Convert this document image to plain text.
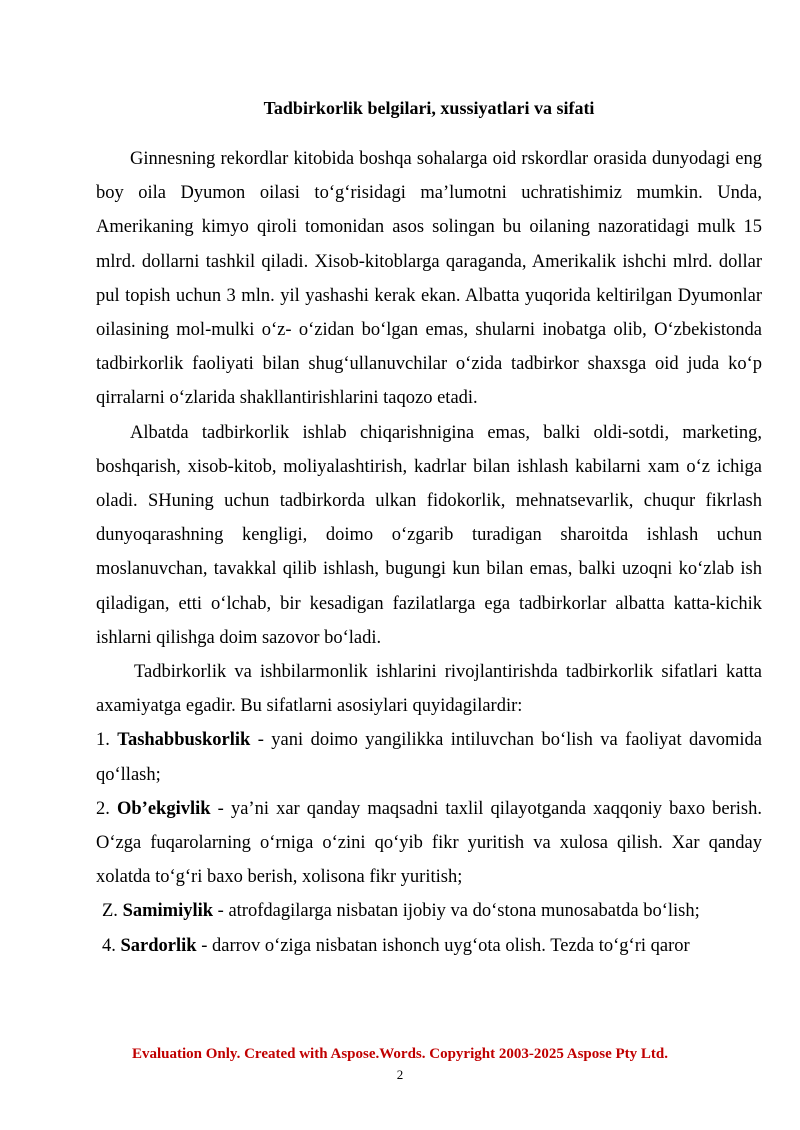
Tadbirkorlik belgilari, xussiyatlari va sifati

Ginnesning rekordlar kitobida boshqa sohalarga oid rskordlar orasida dunyodagi eng boy oila Dyumon oilasi to‘g‘risidagi ma’lumotni uchratishimiz mumkin. Unda, Amerikaning kimyo qiroli tomonidan asos solingan bu oilaning nazoratidagi mulk 15 mlrd. dollarni tashkil qiladi. Xisob-kitoblarga qaraganda, Amerikalik ishchi mlrd. dollar pul topish uchun 3 mln. yil yashashi kerak ekan. Albatta yuqorida keltirilgan Dyumonlar oilasining mol-mulki o‘z- o‘zidan bo‘lgan emas, shularni inobatga olib, O‘zbekistonda tadbirkorlik faoliyati bilan shug‘ullanuvchilar o‘zida tadbirkor shaxsga oid juda ko‘p qirralarni o‘zlarida shakllantirishlarini taqozo etadi.

Albatda tadbirkorlik ishlab chiqarishnigina emas, balki oldi-sotdi, marketing, boshqarish, xisob-kitob, moliyalashtirish, kadrlar bilan ishlash kabilarni xam o‘z ichiga oladi. SHuning uchun tadbirkorda ulkan fidokorlik, mehnatsevarlik, chuqur fikrlash dunyoqarashning kengligi, doimo o‘zgarib turadigan sharoitda ishlash uchun moslanuvchan, tavakkal qilib ishlash, bugungi kun bilan emas, balki uzoqni ko‘zlab ish qiladigan, etti o‘lchab, bir kesadigan fazilatlarga ega tadbirkorlar albatta katta-kichik ishlarni qilishga doim sazovor bo‘ladi.

Tadbirkorlik va ishbilarmonlik ishlarini rivojlantirishda tadbirkorlik sifatlari katta axamiyatga egadir. Bu sifatlarni asosiylari quyidagilardir:

1. Tashabbuskorlik - yani doimo yangilikka intiluvchan bo‘lish va faoliyat davomida qo‘llash;

2. Ob’ekgivlik - ya’ni xar qanday maqsadni taxlil qilayotganda xaqqoniy baxo berish. O‘zga fuqarolarning o‘rniga o‘zini qo‘yib fikr yuritish va xulosa qilish. Xar qanday xolatda to‘g‘ri baxo berish, xolisona fikr yuritish;

Z. Samimiylik - atrofdagilarga nisbatan ijobiy va do‘stona munosabatda bo‘lish;

4. Sardorlik - darrov o‘ziga nisbatan ishonch uyg‘ota olish. Tezda to‘g‘ri qaror

Evaluation Only. Created with Aspose.Words. Copyright 2003-2025 Aspose Pty Ltd.
2
